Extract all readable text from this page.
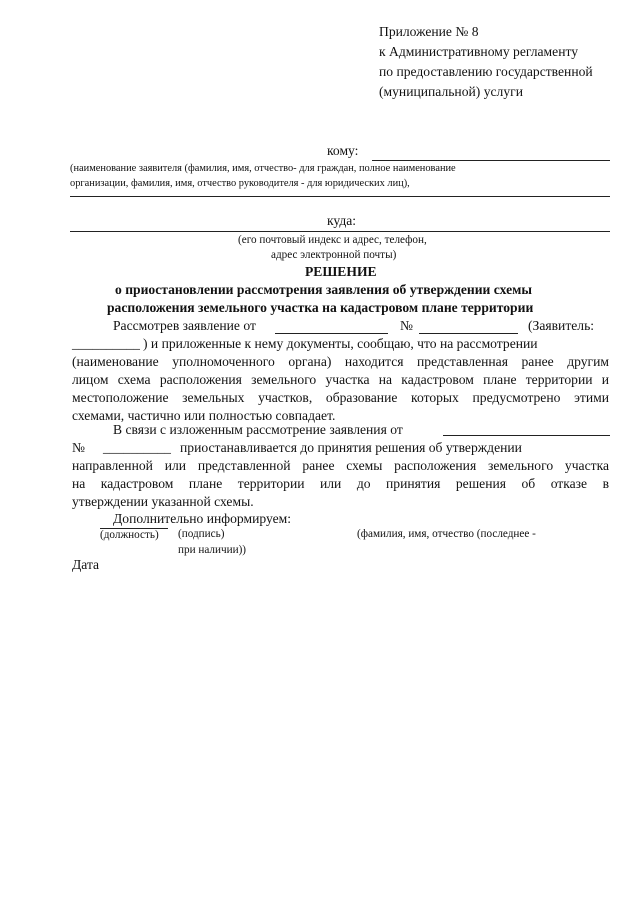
Приложение № 8
к Административному регламенту
по предоставлению государственной
(муниципальной) услуги
кому:
(наименование заявителя (фамилия, имя, отчество- для граждан, полное наименование
организации, фамилия, имя, отчество руководителя - для юридических лиц),
куда:
(его почтовый индекс и адрес, телефон,
адрес электронной почты)
РЕШЕНИЕ
о приостановлении рассмотрения заявления об утверждении схемы
расположения земельного участка на кадастровом плане территории
Рассмотрев заявление от	№	(Заявитель:
__________ ) и приложенные к нему документы, сообщаю, что на рассмотрении
(наименование уполномоченного органа) находится представленная ранее другим
лицом схема расположения земельного участка на кадастровом плане территории и
местоположение земельных участков, образование которых предусмотрено этими
схемами, частично или полностью совпадает.
В связи с изложенным рассмотрение заявления от
№ __________ приостанавливается до принятия решения об утверждении
направленной или представленной ранее схемы расположения земельного участка
на кадастровом плане территории или до принятия решения об отказе в
утверждении указанной схемы.
Дополнительно информируем:
(должность) (подпись)	(фамилия, имя, отчество (последнее -
при наличии))
Дата
